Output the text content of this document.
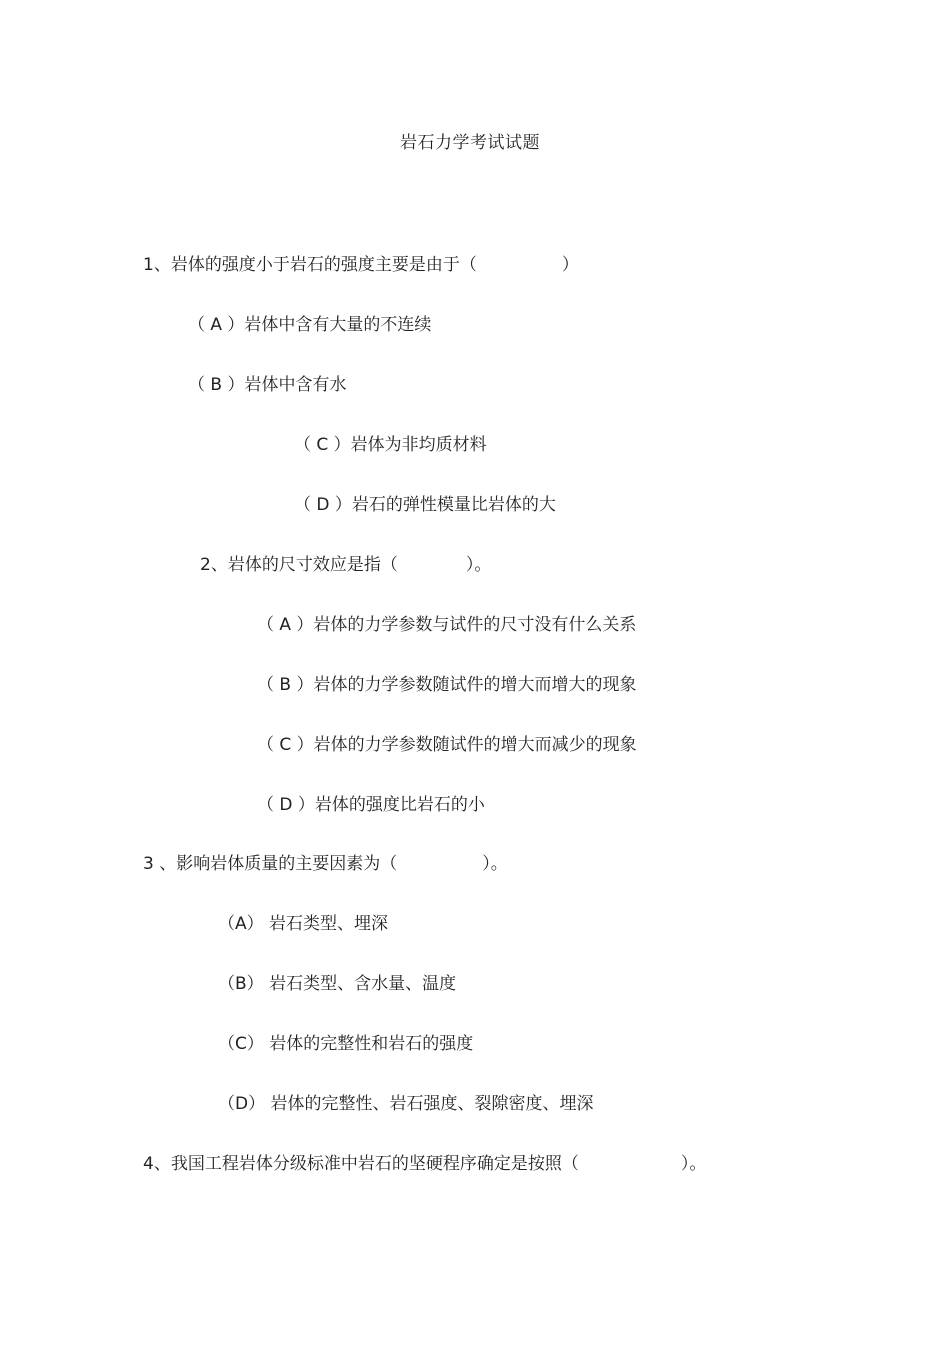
岩石力学考试试题
1、岩体的强度小于岩石的强度主要是由于（　　　　　）
（ A ）岩体中含有大量的不连续
（ B ）岩体中含有水
（ C ）岩体为非均质材料
（ D ）岩石的弹性模量比岩体的大
2、岩体的尺寸效应是指（　　　　）。
（ A ）岩体的力学参数与试件的尺寸没有什么关系
（ B ）岩体的力学参数随试件的增大而增大的现象
（ C ）岩体的力学参数随试件的增大而减少的现象
（ D ）岩体的强度比岩石的小
3 、影响岩体质量的主要因素为（　　　　　）。
（A） 岩石类型、埋深
（B） 岩石类型、含水量、温度
（C） 岩体的完整性和岩石的强度
（D） 岩体的完整性、岩石强度、裂隙密度、埋深
4、我国工程岩体分级标准中岩石的坚硬程序确定是按照（　　　　　　）。
